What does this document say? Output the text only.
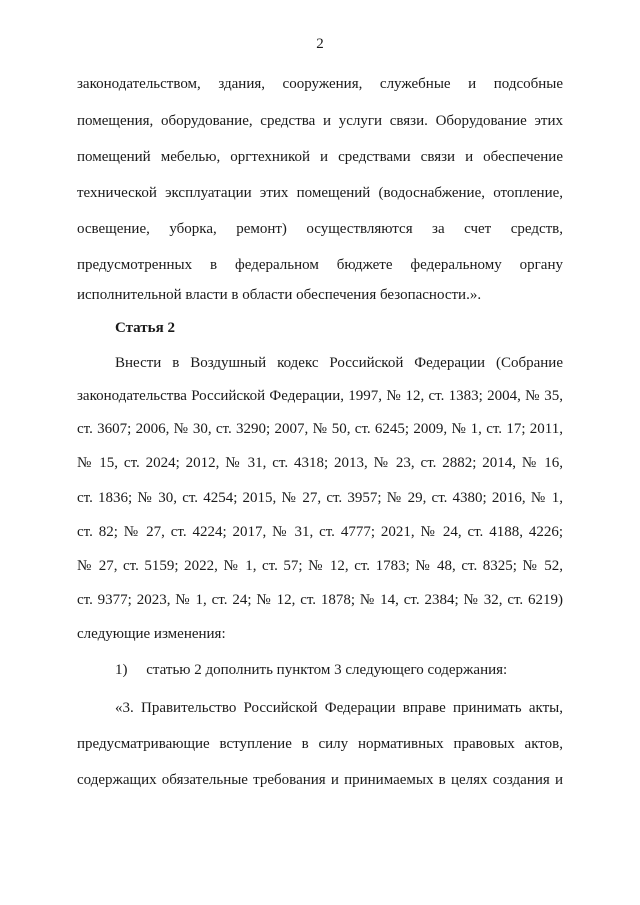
2
законодательством, здания, сооружения, служебные и подсобные
помещения, оборудование, средства и услуги связи. Оборудование этих
помещений мебелью, оргтехникой и средствами связи и обеспечение
технической эксплуатации этих помещений (водоснабжение, отопление,
освещение, уборка, ремонт) осуществляются за счет средств,
предусмотренных в федеральном бюджете федеральному органу
исполнительной власти в области обеспечения безопасности.».
Статья 2
Внести в Воздушный кодекс Российской Федерации (Собрание
законодательства Российской Федерации, 1997, № 12, ст. 1383; 2004, № 35,
ст. 3607; 2006, № 30, ст. 3290; 2007, № 50, ст. 6245; 2009, № 1, ст. 17; 2011,
№ 15, ст. 2024; 2012, № 31, ст. 4318; 2013, № 23, ст. 2882; 2014, № 16,
ст. 1836; № 30, ст. 4254; 2015, № 27, ст. 3957; № 29, ст. 4380; 2016, № 1,
ст. 82; № 27, ст. 4224; 2017, № 31, ст. 4777; 2021, № 24, ст. 4188, 4226;
№ 27, ст. 5159; 2022, № 1, ст. 57; № 12, ст. 1783; № 48, ст. 8325; № 52,
ст. 9377; 2023, № 1, ст. 24; № 12, ст. 1878; № 14, ст. 2384; № 32, ст. 6219)
следующие изменения:
1)     статью 2 дополнить пунктом 3 следующего содержания:
«3. Правительство Российской Федерации вправе принимать акты,
предусматривающие вступление в силу нормативных правовых актов,
содержащих обязательные требования и принимаемых в целях создания и
